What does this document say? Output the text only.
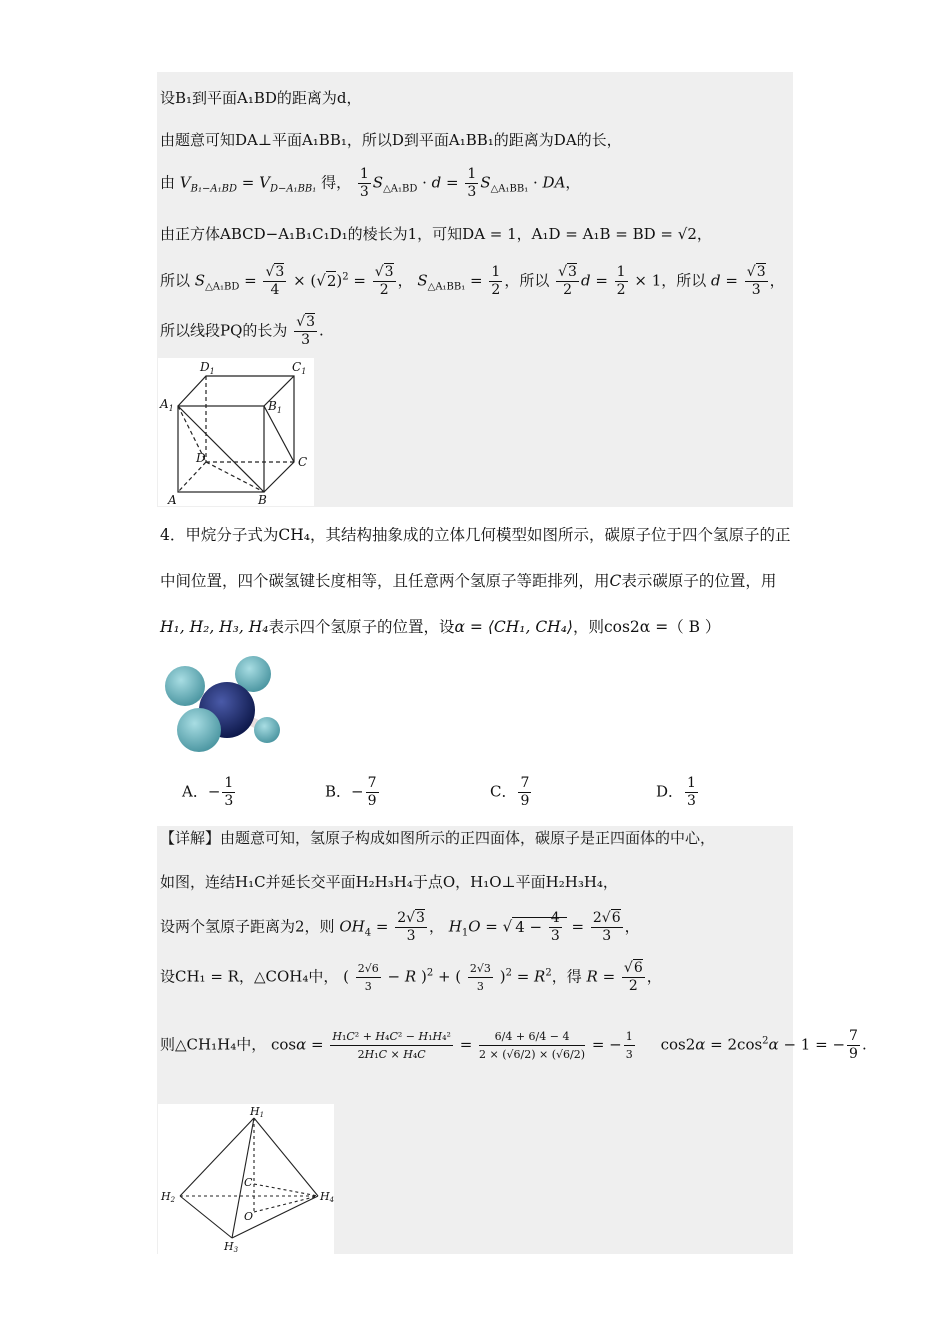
设B₁到平面A₁BD的距离为d，
由题意可知DA⊥平面A₁BB₁，所以D到平面A₁BB₁的距离为DA的长，
由 $V_{B_1-A_1BD} = V_{D-A_1BB_1}$ 得， $\frac{1}{3} S_{\triangle A_1BD} \cdot d = \frac{1}{3} S_{\triangle A_1BB_1}$ · DA，
由正方体ABCD−A₁B₁C₁D₁的棱长为1，可知DA = 1，A₁D = A₁B = BD = √2，
所以 $S_{\triangle A_1BD} = \frac{√3}{4} \times (√2)^2 = \frac{√3}{2}$ ， $S_{\triangle A_1BB_1} = \frac{1}{2}$ ，所以 $\frac{√3}{2}$ $d = \frac{1}{2} \times 1$，所以 $d = \frac{√3}{3}$ ，
所以线段PQ的长为 $\frac{√3}{3}$ .
$D_1$	$C_1$
$A_1$	$B_1$
D	C
A	B
4．甲烷分子式为CH₄，其结构抽象成的立体几何模型如图所示，碳原子位于四个氢原子的正中间位置，四个碳氢键长度相等，且任意两个氢原子等距排列，用C表示碳原子的位置，用H₁, H₂, H₃, H₄表示四个氢原子的位置，设α = ⟨CH₁, CH₄⟩，则cos2α =（ B ）
A．− $\frac{1}{3}$	B．− $\frac{7}{9}$	C． $\frac{7}{9}$	D． $\frac{1}{3}$
【详解】由题意可知，氢原子构成如图所示的正四面体，碳原子是正四面体的中心，
如图，连结H₁C并延长交平面H₂H₃H₄于点O，H₁O⊥平面H₂H₃H₄，
设两个氢原子距离为2，则 $OH_4 = \frac{2√3}{3}$ ， $H_1O$ = √ $4 - \frac{4}{3} = \frac{2√6}{3}$ ，
设CH₁ = R，△COH₄中， ( $\frac{2√6}{3} - R$ )$^2$ + ( $\frac{2√3}{3} )^2 = R^2$，得 $R = \frac{√6}{2}$ ，
则△CH₁H₄中， $\cos\alpha = \frac{\text{H₁C² + H₄C² − H₁H₄²}}{\text{2H₁C × H₄C}} = \frac{6/4 + 6/4 - 4}{2 \times (√6/2) \times (√6/2)}$ = − $\frac{1}{3} \cos 2\alpha = 2\cos^2\alpha - 1$ = − $\frac{7}{9}$ .
H1
H2
H3
H4
C
O
